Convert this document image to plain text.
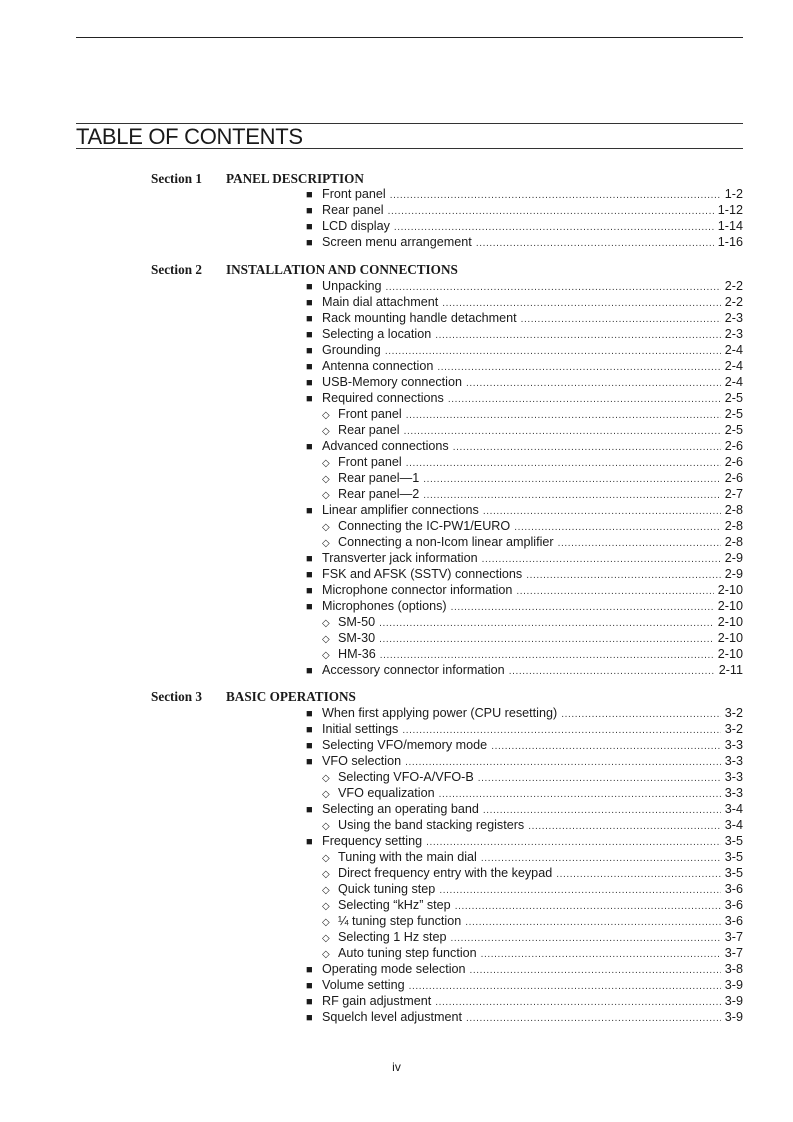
TABLE OF CONTENTS
Section 1 PANEL DESCRIPTION
■ Front panel .....	1-2
■ Rear panel .....	1-12
■ LCD display .....	1-14
■ Screen menu arrangement .....	1-16
Section 2 INSTALLATION AND CONNECTIONS
■ Unpacking .....	2-2
■ Main dial attachment .....	2-2
■ Rack mounting handle detachment .....	2-3
■ Selecting a location .....	2-3
■ Grounding .....	2-4
■ Antenna connection .....	2-4
■ USB-Memory connection .....	2-4
■ Required connections .....	2-5
◇ Front panel .....	2-5
◇ Rear panel .....	2-5
■ Advanced connections .....	2-6
◇ Front panel .....	2-6
◇ Rear panel—1 .....	2-6
◇ Rear panel—2 .....	2-7
■ Linear amplifier connections .....	2-8
◇ Connecting the IC-PW1/EURO .....	2-8
◇ Connecting a non-Icom linear amplifier .....	2-8
■ Transverter jack information .....	2-9
■ FSK and AFSK (SSTV) connections .....	2-9
■ Microphone connector information .....	2-10
■ Microphones (options) .....	2-10
◇ SM-50 .....	2-10
◇ SM-30 .....	2-10
◇ HM-36 .....	2-10
■ Accessory connector information .....	2-11
Section 3 BASIC OPERATIONS
■ When first applying power (CPU resetting) .....	3-2
■ Initial settings .....	3-2
■ Selecting VFO/memory mode .....	3-3
■ VFO selection .....	3-3
◇ Selecting VFO-A/VFO-B .....	3-3
◇ VFO equalization .....	3-3
■ Selecting an operating band .....	3-4
◇ Using the band stacking registers .....	3-4
■ Frequency setting .....	3-5
◇ Tuning with the main dial .....	3-5
◇ Direct frequency entry with the keypad .....	3-5
◇ Quick tuning step .....	3-6
◇ Selecting “kHz” step .....	3-6
◇ ¼ tuning step function .....	3-6
◇ Selecting 1 Hz step .....	3-7
◇ Auto tuning step function .....	3-7
■ Operating mode selection .....	3-8
■ Volume setting .....	3-9
■ RF gain adjustment .....	3-9
■ Squelch level adjustment .....	3-9
iv
